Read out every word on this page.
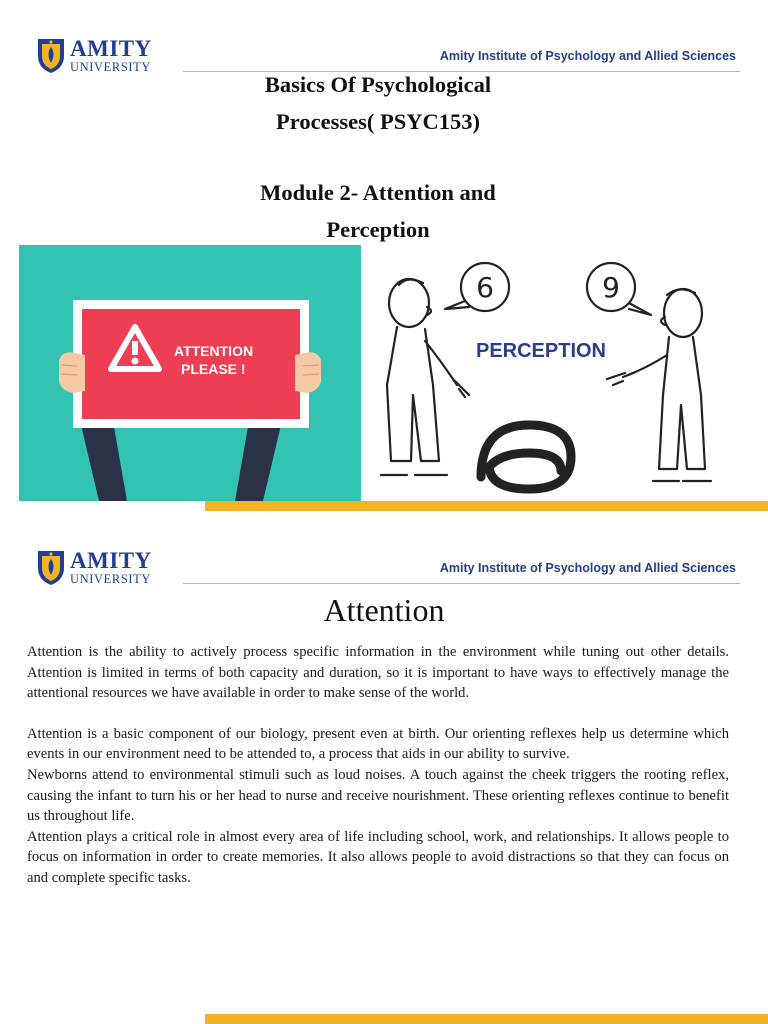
AMITY
UNIVERSITY
Amity Institute of Psychology and Allied Sciences
Basics Of Psychological
Processes( PSYC153)
Module 2- Attention and
Perception
ATTENTION
PLEASE !
6	9
PERCEPTION
AMITY
UNIVERSITY
Amity Institute of Psychology and Allied Sciences
Attention

Attention is the ability to actively process specific information in the environment while tuning out other details. Attention is limited in terms of both capacity and duration, so it is important to have ways to effectively manage the attentional resources we have available in order to make sense of the world.

Attention is a basic component of our biology, present even at birth. Our orienting reflexes help us determine which events in our environment need to be attended to, a process that aids in our ability to survive.

Newborns attend to environmental stimuli such as loud noises. A touch against the cheek triggers the rooting reflex, causing the infant to turn his or her head to nurse and receive nourishment. These orienting reflexes continue to benefit us throughout life.

Attention plays a critical role in almost every area of life including school, work, and relationships. It allows people to focus on information in order to create memories. It also allows people to avoid distractions so that they can focus on and complete specific tasks.
